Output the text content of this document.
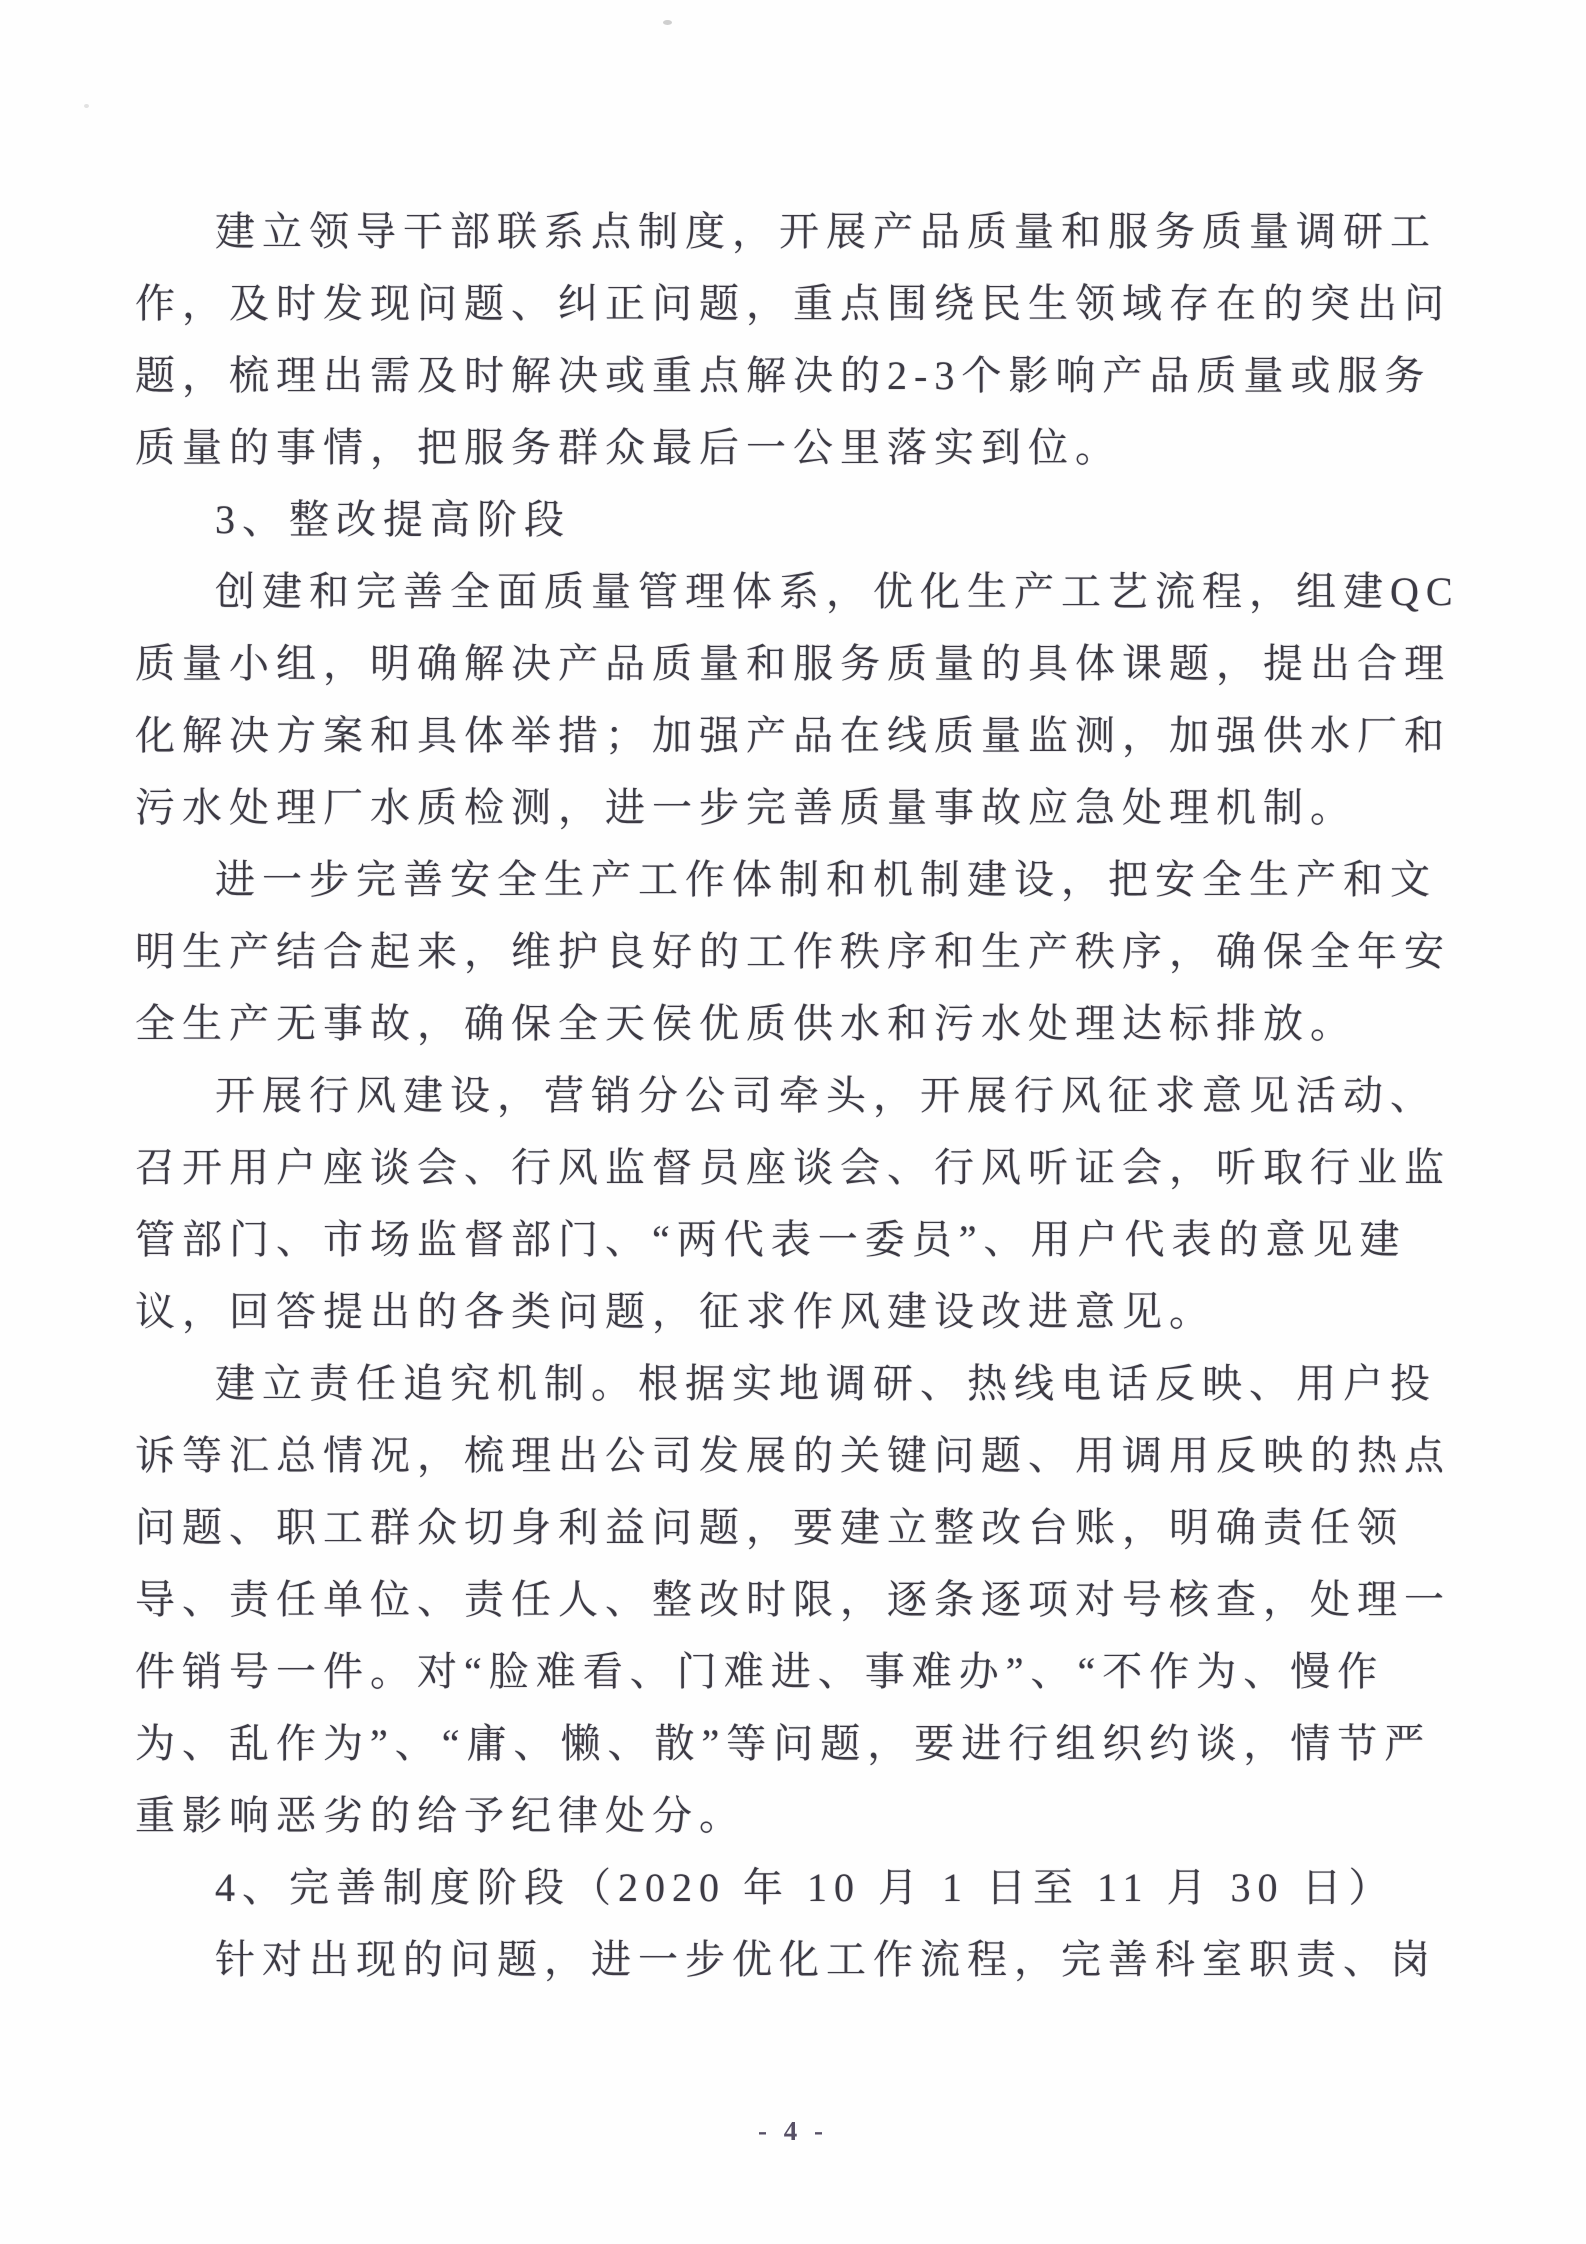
建立领导干部联系点制度，开展产品质量和服务质量调研工
作，及时发现问题、纠正问题，重点围绕民生领域存在的突出问
题，梳理出需及时解决或重点解决的2-3个影响产品质量或服务
质量的事情，把服务群众最后一公里落实到位。
3、整改提高阶段
创建和完善全面质量管理体系，优化生产工艺流程，组建QC
质量小组，明确解决产品质量和服务质量的具体课题，提出合理
化解决方案和具体举措；加强产品在线质量监测，加强供水厂和
污水处理厂水质检测，进一步完善质量事故应急处理机制。
进一步完善安全生产工作体制和机制建设，把安全生产和文
明生产结合起来，维护良好的工作秩序和生产秩序，确保全年安
全生产无事故，确保全天侯优质供水和污水处理达标排放。
开展行风建设，营销分公司牵头，开展行风征求意见活动、
召开用户座谈会、行风监督员座谈会、行风听证会，听取行业监
管部门、市场监督部门、“两代表一委员”、用户代表的意见建
议，回答提出的各类问题，征求作风建设改进意见。
建立责任追究机制。根据实地调研、热线电话反映、用户投
诉等汇总情况，梳理出公司发展的关键问题、用调用反映的热点
问题、职工群众切身利益问题，要建立整改台账，明确责任领
导、责任单位、责任人、整改时限，逐条逐项对号核查，处理一
件销号一件。对“脸难看、门难进、事难办”、“不作为、慢作
为、乱作为”、“庸、懒、散”等问题，要进行组织约谈，情节严
重影响恶劣的给予纪律处分。
4、完善制度阶段（2020 年 10 月 1 日至 11 月 30 日）
针对出现的问题，进一步优化工作流程，完善科室职责、岗
- 4 -
